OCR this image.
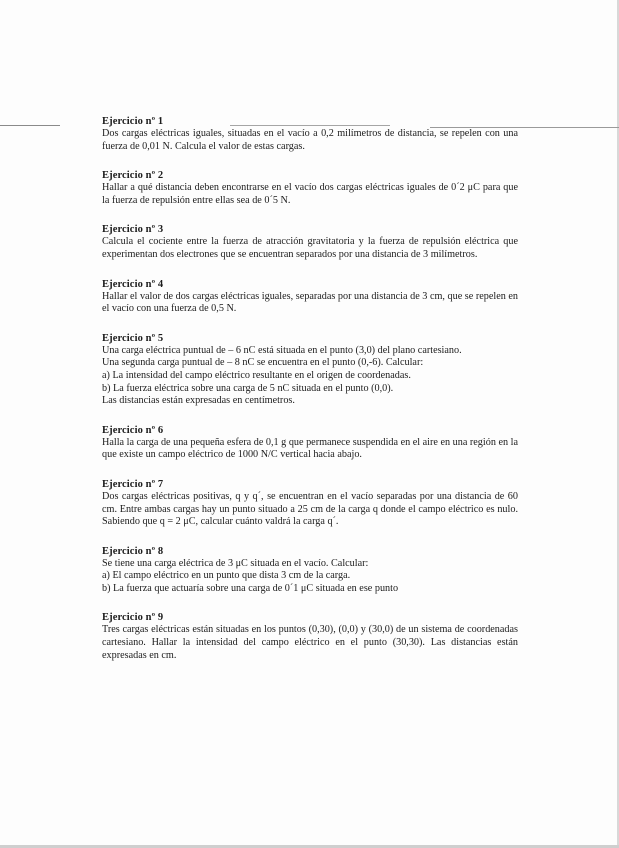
Ejercicio nº 1

Dos cargas eléctricas iguales, situadas en el vacío a 0,2 milímetros de distancia, se repelen con una fuerza de 0,01 N. Calcula el valor de estas cargas.

Ejercicio nº 2

Hallar a qué distancia deben encontrarse en el vacío dos cargas eléctricas iguales de 0´2 μC para que la fuerza de repulsión entre ellas sea de 0´5 N.

Ejercicio nº 3

Calcula el cociente entre la fuerza de atracción gravitatoria y la fuerza de repulsión eléctrica que experimentan dos electrones que se encuentran separados por una distancia de 3 milímetros.

Ejercicio nº 4

Hallar el valor de dos cargas eléctricas iguales, separadas por una distancia de 3 cm, que se repelen en el vacío con una fuerza de 0,5 N.

Ejercicio nº 5

Una carga eléctrica puntual de – 6 nC está situada en el punto (3,0) del plano cartesiano.

Una segunda carga puntual de – 8 nC se encuentra en el punto (0,-6). Calcular:

a) La intensidad del campo eléctrico resultante en el origen de coordenadas.

b) La fuerza eléctrica sobre una carga de 5 nC situada en el punto (0,0).

Las distancias están expresadas en centímetros.

Ejercicio nº 6

Halla la carga de una pequeña esfera de 0,1 g que permanece suspendida en el aire en una región en la que existe un campo eléctrico de 1000 N/C vertical hacia abajo.

Ejercicio nº 7

Dos cargas eléctricas positivas, q y q´, se encuentran en el vacío separadas por una distancia de 60 cm. Entre ambas cargas hay un punto situado a 25 cm de la carga q donde el campo eléctrico es nulo. Sabiendo que q = 2 μC, calcular cuánto valdrá la carga q´.

Ejercicio nº 8

Se tiene una carga eléctrica de 3 μC situada en el vacío. Calcular:

a) El campo eléctrico en un punto que dista 3 cm de la carga.

b) La fuerza que actuaría sobre una carga de 0´1 μC situada en ese punto

Ejercicio nº 9

Tres cargas eléctricas están situadas en los puntos (0,30), (0,0) y (30,0) de un sistema de coordenadas cartesiano. Hallar la intensidad del campo eléctrico en el punto (30,30). Las distancias están expresadas en cm.
